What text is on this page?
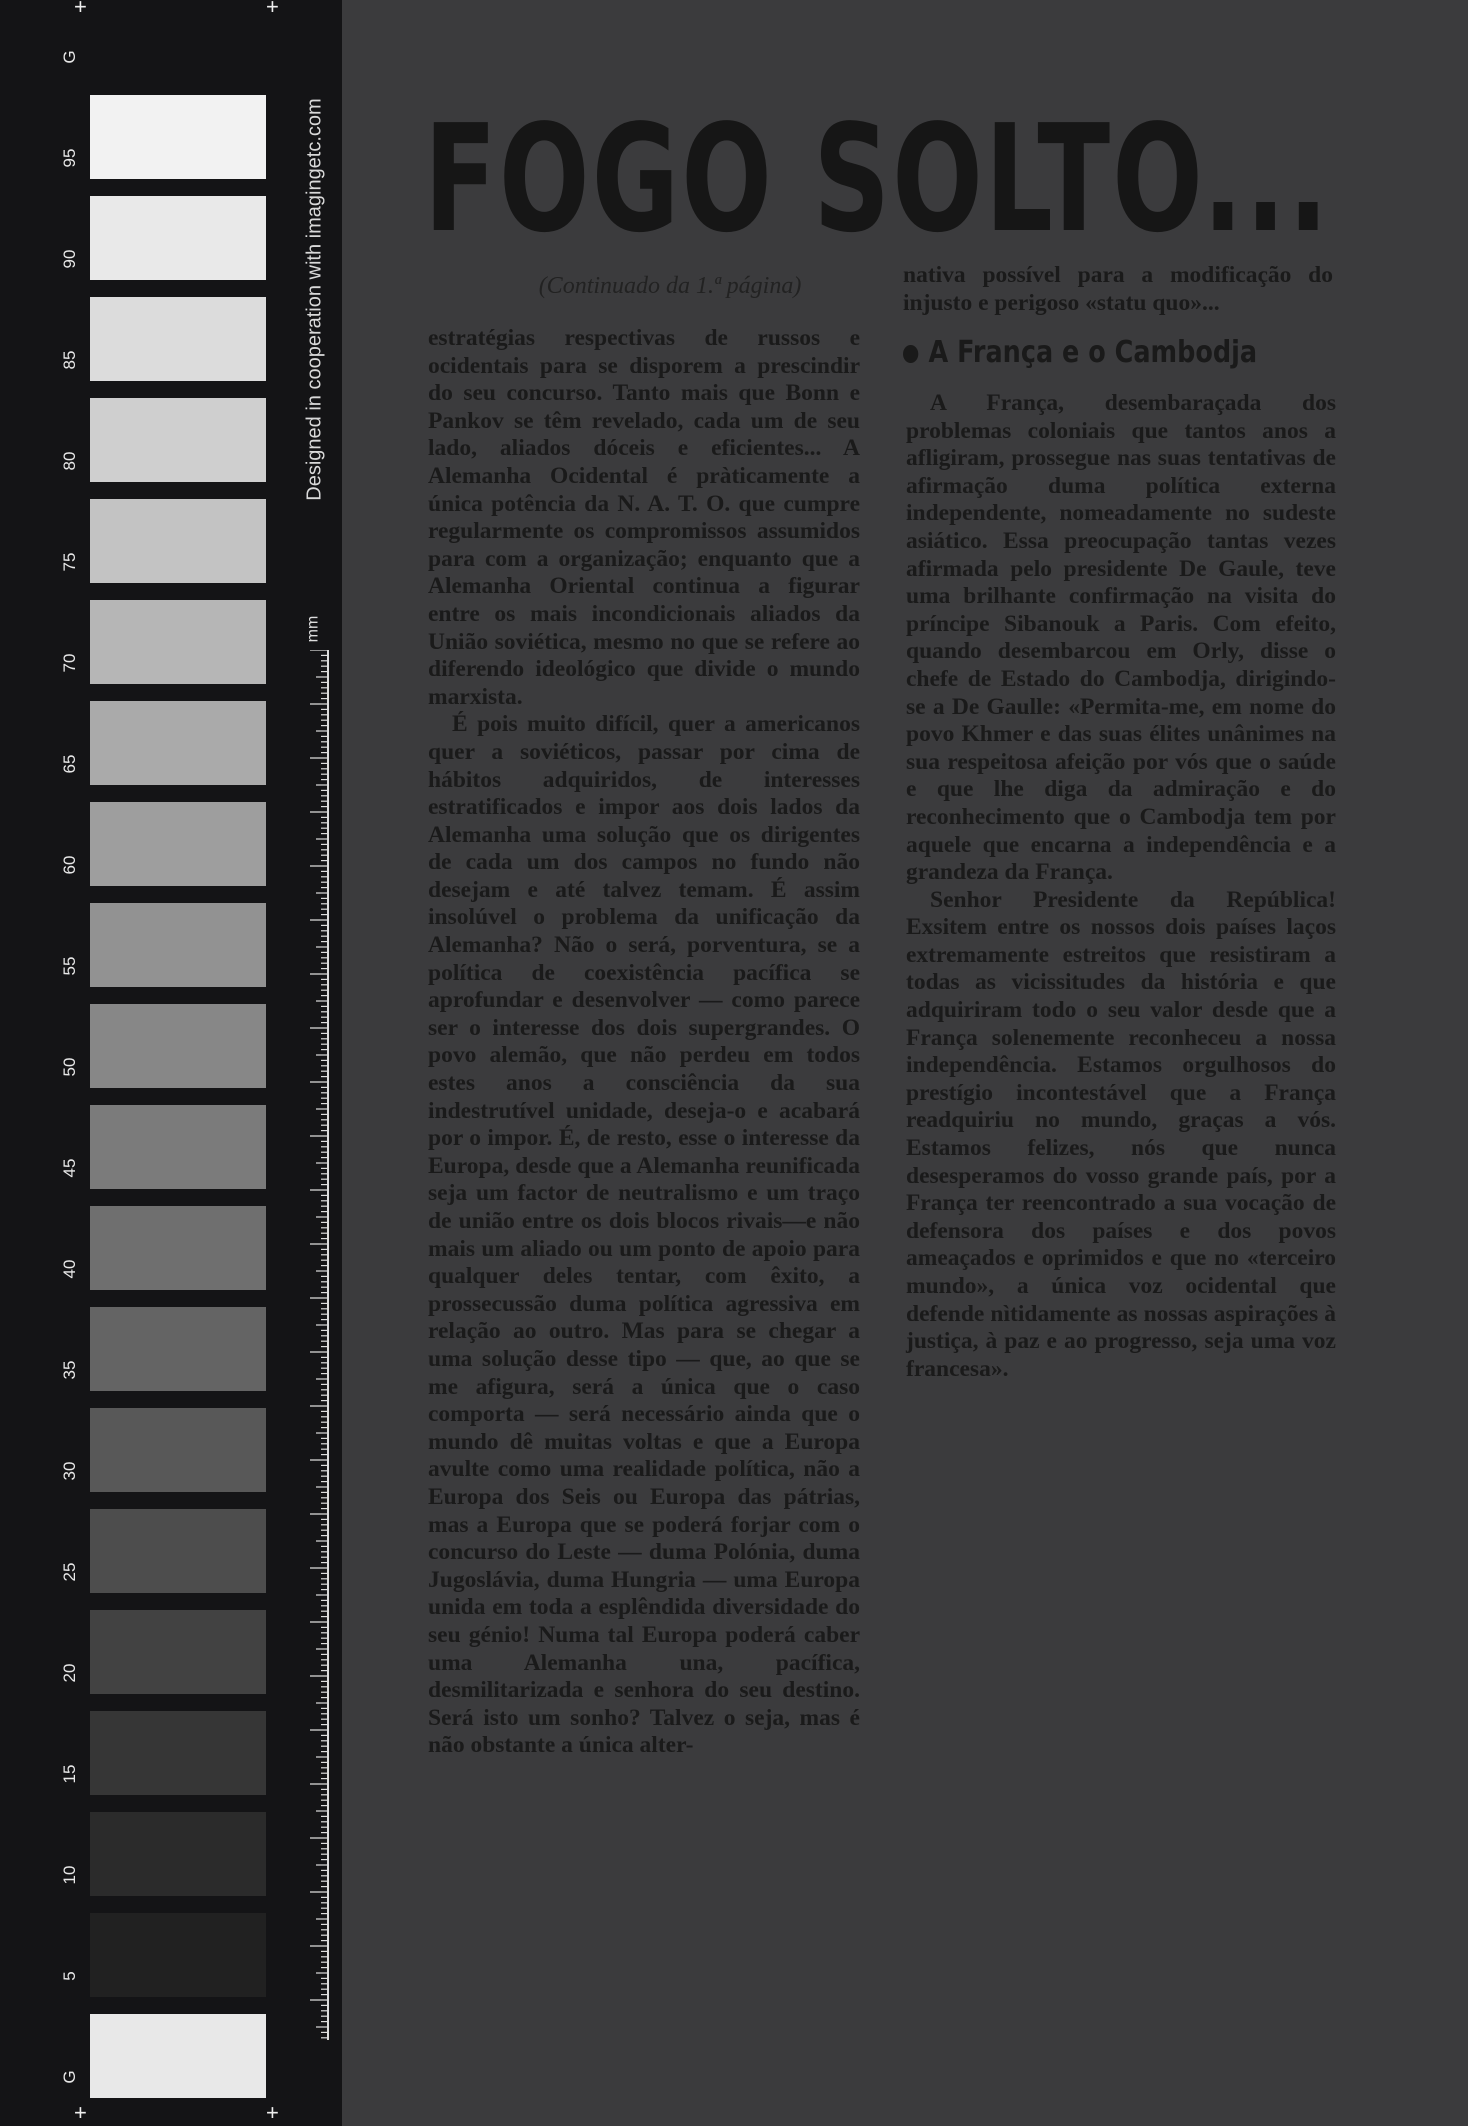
G
95
90
85
80
75
70
65
60
55
50
45
40
35
30
25
20
15
10
5
G
+	+
+	+
Designed in cooperation with imagingetc.com
mm
FOGO SOLTO...
(Continuado da 1.ª página)

estratégias respectivas de russos e ocidentais para se disporem a prescindir do seu concurso. Tanto mais que Bonn e Pankov se têm revelado, cada um de seu lado, aliados dóceis e eficientes... A Alemanha Ocidental é pràticamente a única potência da N. A. T. O. que cumpre regularmente os compromissos assumidos para com a organização; enquanto que a Alemanha Oriental continua a figurar entre os mais incondicionais aliados da União soviética, mesmo no que se refere ao diferendo ideológico que divide o mundo marxista.

É pois muito difícil, quer a americanos quer a soviéticos, passar por cima de hábitos adquiridos, de interesses estratificados e impor aos dois lados da Alemanha uma solução que os dirigentes de cada um dos campos no fundo não desejam e até talvez temam. É assim insolúvel o problema da unificação da Alemanha? Não o será, porventura, se a política de coexistência pacífica se aprofundar e desenvolver — como parece ser o interesse dos dois supergrandes. O povo alemão, que não perdeu em todos estes anos a consciência da sua indestrutível unidade, deseja-o e acabará por o impor. É, de resto, esse o interesse da Europa, desde que a Alemanha reunificada seja um factor de neutralismo e um traço de união entre os dois blocos rivais—e não mais um aliado ou um ponto de apoio para qualquer deles tentar, com êxito, a prossecussão duma política agressiva em relação ao outro. Mas para se chegar a uma solução desse tipo — que, ao que se me afigura, será a única que o caso comporta — será necessário ainda que o mundo dê muitas voltas e que a Europa avulte como uma realidade política, não a Europa dos Seis ou Europa das pátrias, mas a Europa que se poderá forjar com o concurso do Leste — duma Polónia, duma Jugoslávia, duma Hungria — uma Europa unida em toda a esplêndida diversidade do seu génio! Numa tal Europa poderá caber uma Alemanha una, pacífica, desmilitarizada e senhora do seu destino. Será isto um sonho? Talvez o seja, mas é não obstante a única alter-

nativa possível para a modificação do injusto e perigoso «statu quo»...

A França e o Cambodja

A França, desembaraçada dos problemas coloniais que tantos anos a afligiram, prossegue nas suas tentativas de afirmação duma política externa independente, nomeadamente no sudeste asiático. Essa preocupação tantas vezes afirmada pelo presidente De Gaule, teve uma brilhante confirmação na visita do príncipe Sibanouk a Paris. Com efeito, quando desembarcou em Orly, disse o chefe de Estado do Cambodja, dirigindo-se a De Gaulle: «Permita-me, em nome do povo Khmer e das suas élites unânimes na sua respeitosa afeição por vós que o saúde e que lhe diga da admiração e do reconhecimento que o Cambodja tem por aquele que encarna a independência e a grandeza da França.

Senhor Presidente da República! Exsitem entre os nossos dois países laços extremamente estreitos que resistiram a todas as vicissitudes da história e que adquiriram todo o seu valor desde que a França solenemente reconheceu a nossa independência. Estamos orgulhosos do prestígio incontestável que a França readquiriu no mundo, graças a vós. Estamos felizes, nós que nunca desesperamos do vosso grande país, por a França ter reencontrado a sua vocação de defensora dos países e dos povos ameaçados e oprimidos e que no «terceiro mundo», a única voz ocidental que defende nìtidamente as nossas aspirações à justiça, à paz e ao progresso, seja uma voz francesa».
